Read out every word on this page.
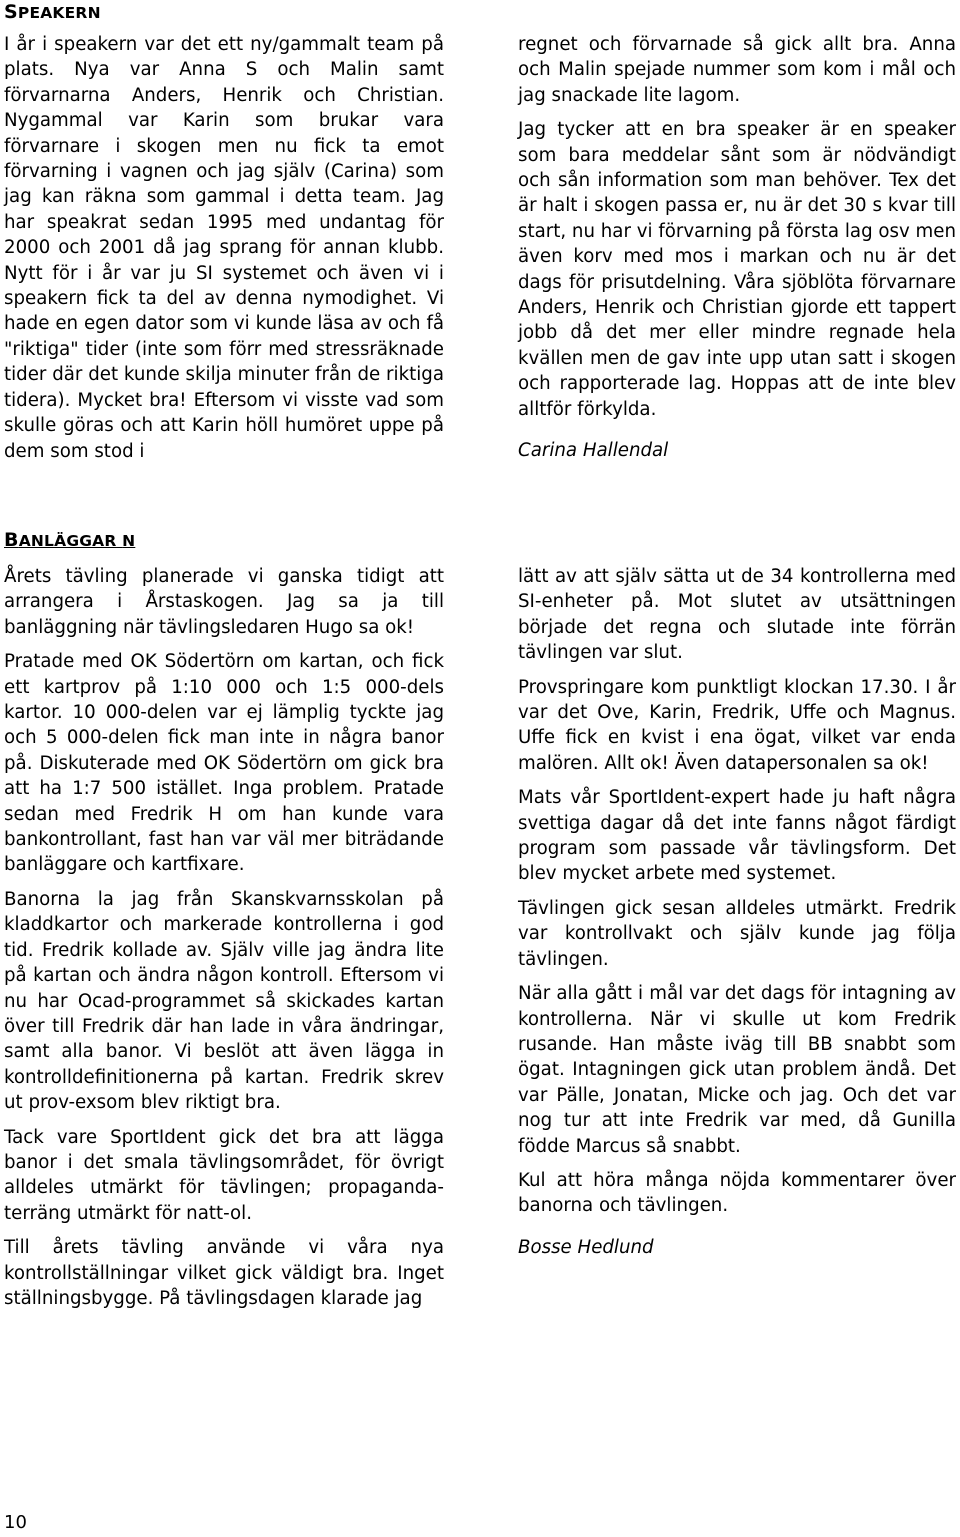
SPEAKERN

I år i speakern var det ett ny/gammalt team på plats. Nya var Anna S och Malin samt förvarnarna Anders, Henrik och Christian. Nygammal var Karin som brukar vara förvarnare i skogen men nu fick ta emot förvarning i vagnen och jag själv (Carina) som jag kan räkna som gammal i detta team. Jag har speakrat sedan 1995 med undantag för 2000 och 2001 då jag sprang för annan klubb. Nytt för i år var ju SI systemet och även vi i speakern fick ta del av denna nymodighet. Vi hade en egen dator som vi kunde läsa av och få "riktiga" tider (inte som förr med stressräknade tider där det kunde skilja minuter från de riktiga tidera). Mycket bra! Eftersom vi visste vad som skulle göras och att Karin höll humöret uppe på dem som stod i

regnet och förvarnade så gick allt bra. Anna och Malin spejade nummer som kom i mål och jag snackade lite lagom.

Jag tycker att en bra speaker är en speaker som bara meddelar sånt som är nödvändigt och sån information som man behöver. Tex det är halt i skogen passa er, nu är det 30 s kvar till start, nu har vi förvarning på första lag osv men även korv med mos i markan och nu är det dags för prisutdelning. Våra sjöblöta förvarnare Anders, Henrik och Christian gjorde ett tappert jobb då det mer eller mindre regnade hela kvällen men de gav inte upp utan satt i skogen och rapporterade lag. Hoppas att de inte blev alltför förkylda.

Carina Hallendal

BANLÄGGAR N

Årets tävling planerade vi ganska tidigt att arrangera i Årstaskogen. Jag sa ja till banläggning när tävlingsledaren Hugo sa ok!

Pratade med OK Södertörn om kartan, och fick ett kartprov på 1:10 000 och 1:5 000-dels kartor. 10 000-delen var ej lämplig tyckte jag och 5 000-delen fick man inte in några banor på. Diskuterade med OK Södertörn om gick bra att ha 1:7 500 istället. Inga problem. Pratade sedan med Fredrik H om han kunde vara bankontrollant, fast han var väl mer biträdande banläggare och kartfixare.

Banorna la jag från Skanskvarnsskolan på kladdkartor och markerade kontrollerna i god tid. Fredrik kollade av. Själv ville jag ändra lite på kartan och ändra någon kontroll. Eftersom vi nu har Ocad-programmet så skickades kartan över till Fredrik där han lade in våra ändringar, samt alla banor. Vi beslöt att även lägga in kontrolldefinitionerna på kartan. Fredrik skrev ut prov-exsom blev riktigt bra.

Tack vare SportIdent gick det bra att lägga banor i det smala tävlingsområdet, för övrigt alldeles utmärkt för tävlingen; propaganda-terräng utmärkt för natt-ol.

Till årets tävling använde vi våra nya kontrollställningar vilket gick väldigt bra. Inget ställningsbygge. På tävlingsdagen klarade jag

lätt av att själv sätta ut de 34 kontrollerna med SI-enheter på. Mot slutet av utsättningen började det regna och slutade inte förrän tävlingen var slut.

Provspringare kom punktligt klockan 17.30. I år var det Ove, Karin, Fredrik, Uffe och Magnus. Uffe fick en kvist i ena ögat, vilket var enda malören. Allt ok! Även datapersonalen sa ok!

Mats vår SportIdent-expert hade ju haft några svettiga dagar då det inte fanns något färdigt program som passade vår tävlingsform. Det blev mycket arbete med systemet.

Tävlingen gick sesan alldeles utmärkt. Fredrik var kontrollvakt och själv kunde jag följa tävlingen.

När alla gått i mål var det dags för intagning av kontrollerna. När vi skulle ut kom Fredrik rusande. Han måste iväg till BB snabbt som ögat. Intagningen gick utan problem ändå. Det var Pälle, Jonatan, Micke och jag. Och det var nog tur att inte Fredrik var med, då Gunilla födde Marcus så snabbt.

Kul att höra många nöjda kommentarer över banorna och tävlingen.

Bosse Hedlund

10
